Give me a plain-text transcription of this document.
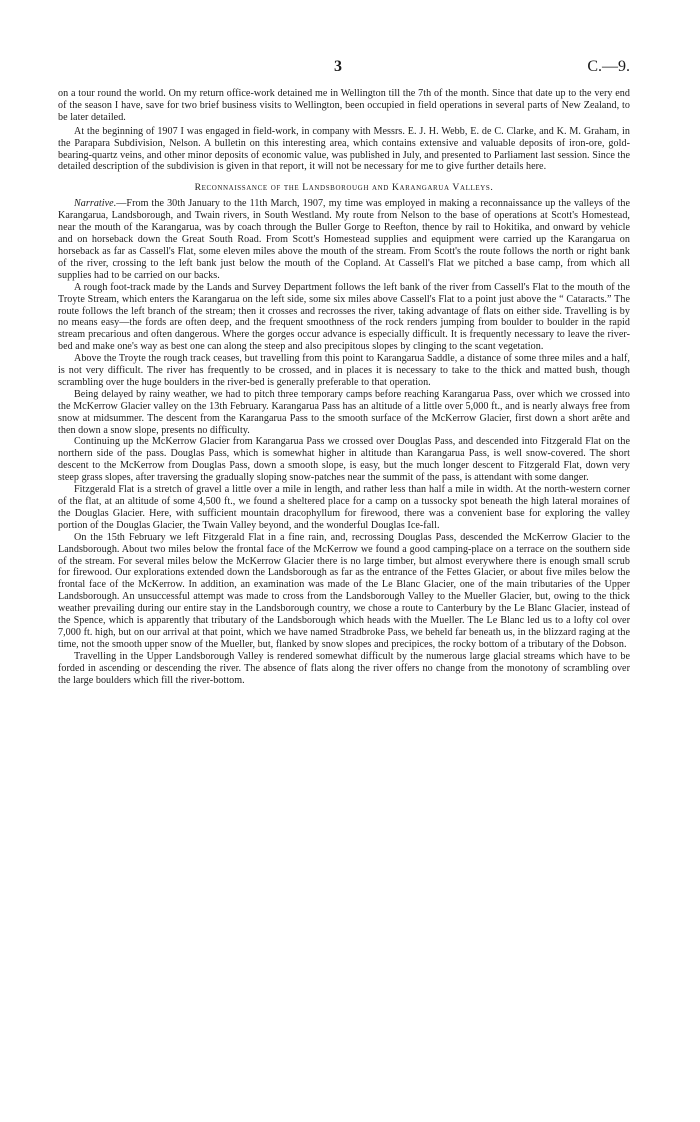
3	C.—9.

on a tour round the world. On my return office-work detained me in Wellington till the 7th of the month. Since that date up to the very end of the season I have, save for two brief business visits to Wellington, been occupied in field operations in several parts of New Zealand, to be later detailed.

At the beginning of 1907 I was engaged in field-work, in company with Messrs. E. J. H. Webb, E. de C. Clarke, and K. M. Graham, in the Parapara Subdivision, Nelson. A bulletin on this interesting area, which contains extensive and valuable deposits of iron-ore, gold-bearing-quartz veins, and other minor deposits of economic value, was published in July, and presented to Parliament last session. Since the detailed description of the subdivision is given in that report, it will not be necessary for me to give further details here.

Reconnaissance of the Landsborough and Karangarua Valleys.

Narrative.—From the 30th January to the 11th March, 1907, my time was employed in making a reconnaissance up the valleys of the Karangarua, Landsborough, and Twain rivers, in South Westland. My route from Nelson to the base of operations at Scott's Homestead, near the mouth of the Karangarua, was by coach through the Buller Gorge to Reefton, thence by rail to Hokitika, and onward by vehicle and on horseback down the Great South Road. From Scott's Homestead supplies and equipment were carried up the Karangarua on horseback as far as Cassell's Flat, some eleven miles above the mouth of the stream. From Scott's the route follows the north or right bank of the river, crossing to the left bank just below the mouth of the Copland. At Cassell's Flat we pitched a base camp, from which all supplies had to be carried on our backs.

A rough foot-track made by the Lands and Survey Department follows the left bank of the river from Cassell's Flat to the mouth of the Troyte Stream, which enters the Karangarua on the left side, some six miles above Cassell's Flat to a point just above the “ Cataracts.” The route follows the left branch of the stream; then it crosses and recrosses the river, taking advantage of flats on either side. Travelling is by no means easy—the fords are often deep, and the frequent smoothness of the rock renders jumping from boulder to boulder in the rapid stream precarious and often dangerous. Where the gorges occur advance is especially difficult. It is frequently necessary to leave the river-bed and make one's way as best one can along the steep and also precipitous slopes by clinging to the scant vegetation.

Above the Troyte the rough track ceases, but travelling from this point to Karangarua Saddle, a distance of some three miles and a half, is not very difficult. The river has frequently to be crossed, and in places it is necessary to take to the thick and matted bush, though scrambling over the huge boulders in the river-bed is generally preferable to that operation.

Being delayed by rainy weather, we had to pitch three temporary camps before reaching Karangarua Pass, over which we crossed into the McKerrow Glacier valley on the 13th February. Karangarua Pass has an altitude of a little over 5,000 ft., and is nearly always free from snow at midsummer. The descent from the Karangarua Pass to the smooth surface of the McKerrow Glacier, first down a short arête and then down a snow slope, presents no difficulty.

Continuing up the McKerrow Glacier from Karangarua Pass we crossed over Douglas Pass, and descended into Fitzgerald Flat on the northern side of the pass. Douglas Pass, which is somewhat higher in altitude than Karangarua Pass, is well snow-covered. The short descent to the McKerrow from Douglas Pass, down a smooth slope, is easy, but the much longer descent to Fitzgerald Flat, down very steep grass slopes, after traversing the gradually sloping snow-patches near the summit of the pass, is attendant with some danger.

Fitzgerald Flat is a stretch of gravel a little over a mile in length, and rather less than half a mile in width. At the north-western corner of the flat, at an altitude of some 4,500 ft., we found a sheltered place for a camp on a tussocky spot beneath the high lateral moraines of the Douglas Glacier. Here, with sufficient mountain dracophyllum for firewood, there was a convenient base for exploring the valley portion of the Douglas Glacier, the Twain Valley beyond, and the wonderful Douglas Ice-fall.

On the 15th February we left Fitzgerald Flat in a fine rain, and, recrossing Douglas Pass, descended the McKerrow Glacier to the Landsborough. About two miles below the frontal face of the McKerrow we found a good camping-place on a terrace on the southern side of the stream. For several miles below the McKerrow Glacier there is no large timber, but almost everywhere there is enough small scrub for firewood. Our explorations extended down the Landsborough as far as the entrance of the Fettes Glacier, or about five miles below the frontal face of the McKerrow. In addition, an examination was made of the Le Blanc Glacier, one of the main tributaries of the Upper Landsborough. An unsuccessful attempt was made to cross from the Landsborough Valley to the Mueller Glacier, but, owing to the thick weather prevailing during our entire stay in the Landsborough country, we chose a route to Canterbury by the Le Blanc Glacier, instead of the Spence, which is apparently that tributary of the Landsborough which heads with the Mueller. The Le Blanc led us to a lofty col over 7,000 ft. high, but on our arrival at that point, which we have named Stradbroke Pass, we beheld far beneath us, in the blizzard raging at the time, not the smooth upper snow of the Mueller, but, flanked by snow slopes and precipices, the rocky bottom of a tributary of the Dobson.

Travelling in the Upper Landsborough Valley is rendered somewhat difficult by the numerous large glacial streams which have to be forded in ascending or descending the river. The absence of flats along the river offers no change from the monotony of scrambling over the large boulders which fill the river-bottom.
